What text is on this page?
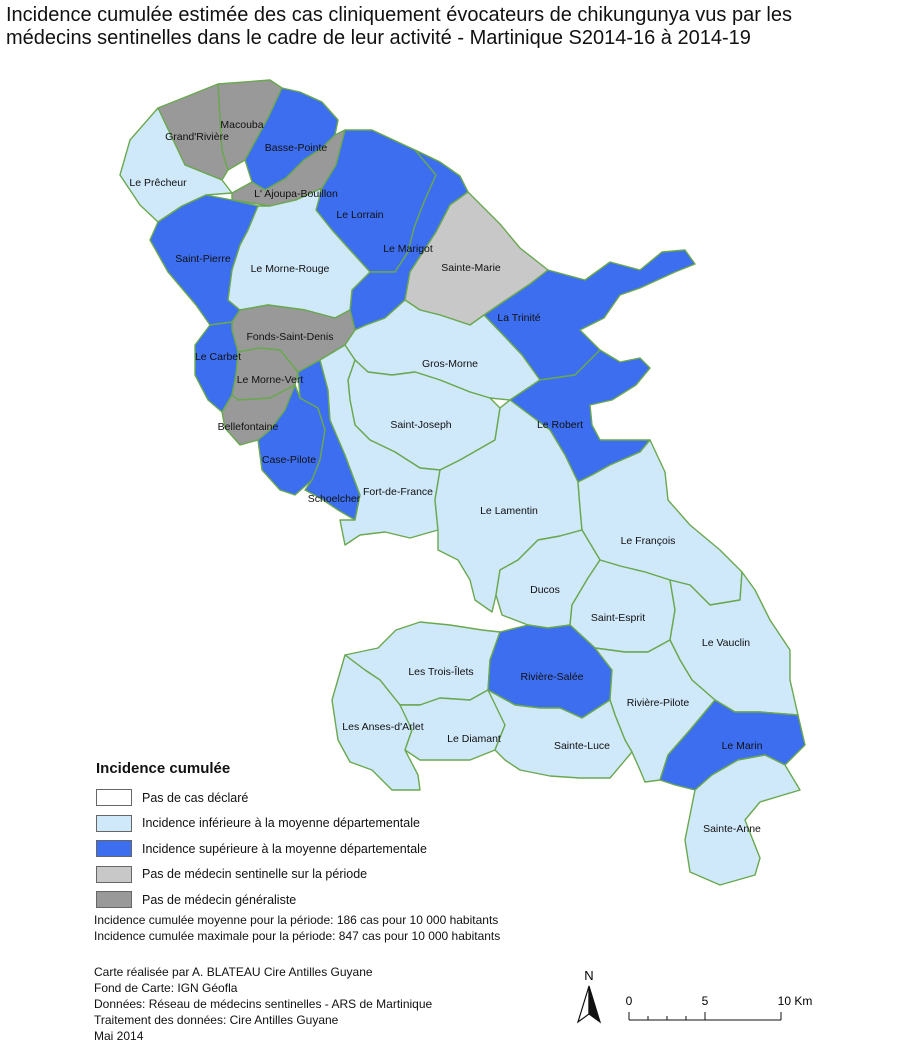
Incidence cumulée estimée des cas cliniquement évocateurs de chikungunya vus par les
médecins sentinelles dans le cadre de leur activité - Martinique S2014-16 à 2014-19
Grand'Rivière
Macouba
Basse-Pointe
Le Prêcheur
L' Ajoupa-Bouillon
Le Lorrain
Le Marigot
Saint-Pierre
Le Morne-Rouge	Sainte-Marie
La Trinité
Fonds-Saint-Denis
Le Carbet
Gros-Morne
Le Morne-Vert
Bellefontaine	Saint-Joseph	Le Robert
Case-Pilote
Schoelcher
Fort-de-France
Le Lamentin
Le François
Ducos
Saint-Esprit
Le Vauclin
Les Trois-Îlets	Rivière-Salée
Rivière-Pilote
Les Anses-d'Arlet
Le Diamant
Sainte-Luce	Le Marin
Sainte-Anne
N
0	5	10 Km
Incidence cumulée
Pas de cas déclaré
Incidence inférieure à la moyenne départementale
Incidence supérieure à la moyenne départementale
Pas de médecin sentinelle sur la période
Pas de médecin généraliste
Incidence cumulée moyenne pour la période: 186 cas pour 10 000 habitants
Incidence cumulée maximale pour la période: 847 cas pour 10 000 habitants
Carte réalisée par A. BLATEAU Cire Antilles Guyane
Fond de Carte: IGN Géofla
Données: Réseau de médecins sentinelles - ARS de Martinique
Traitement des données: Cire Antilles Guyane
Mai 2014
